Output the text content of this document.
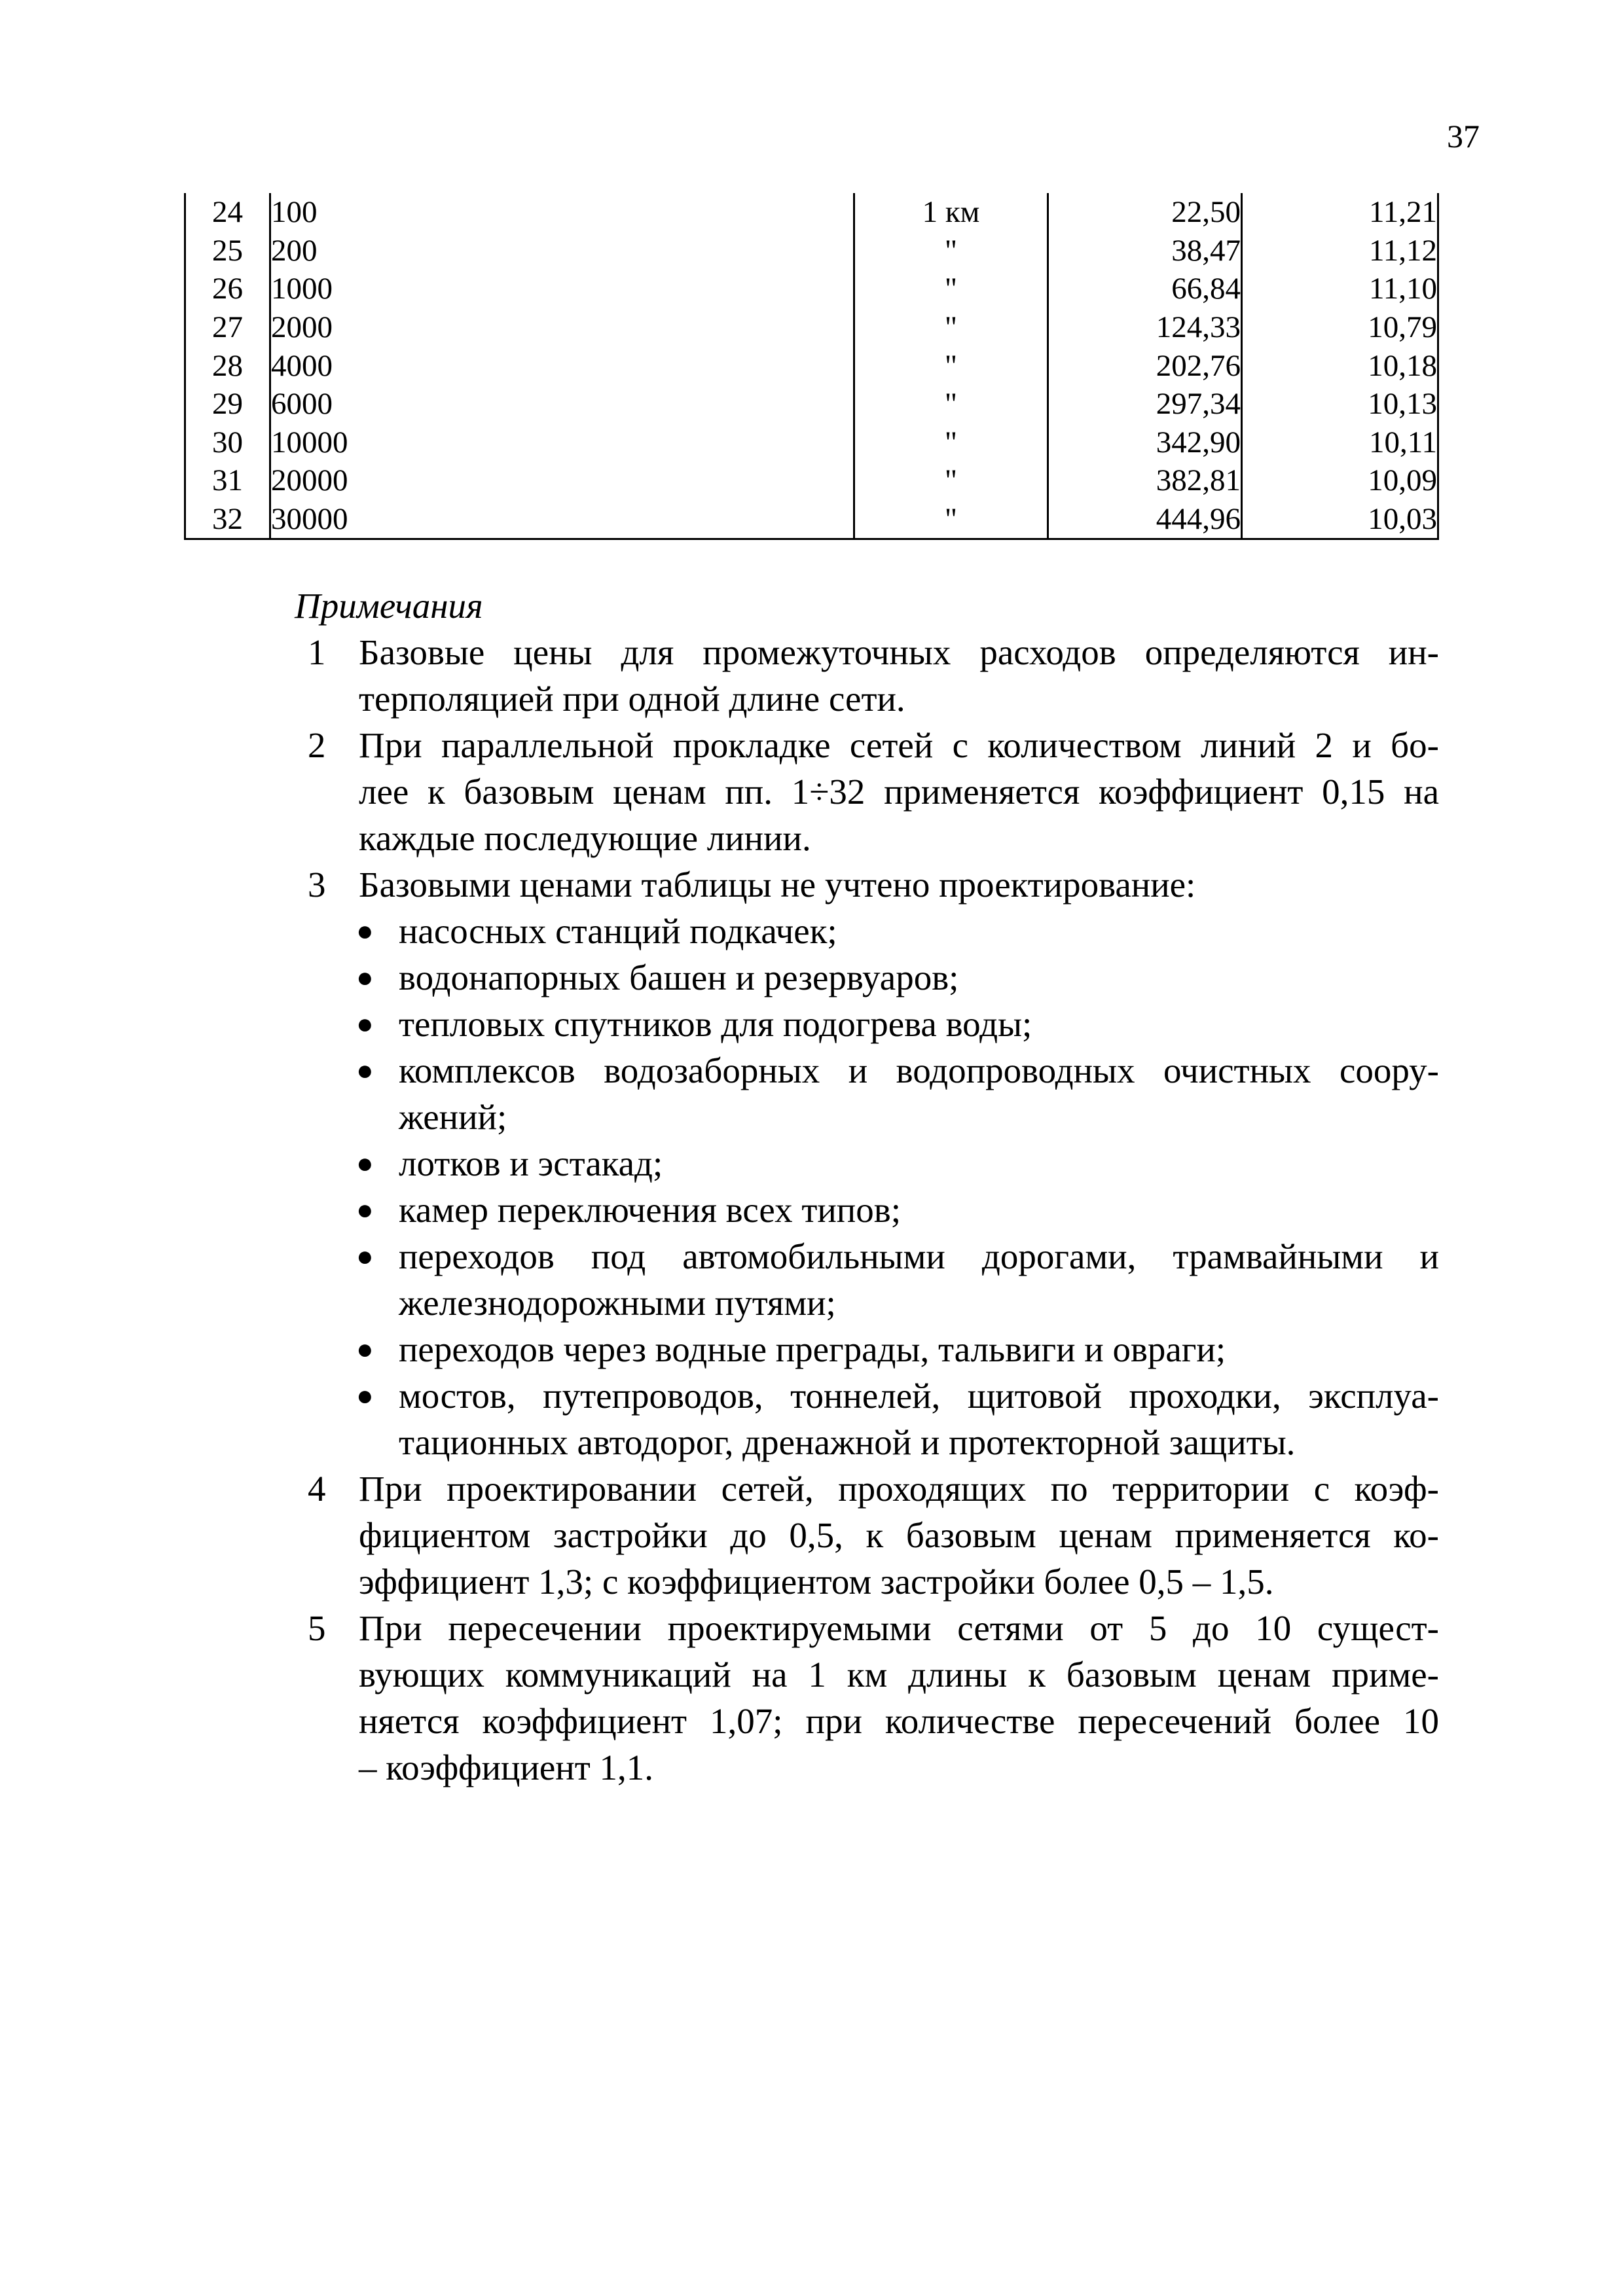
37
24	100	1 км	22,50	11,21
25	200	"	38,47	11,12
26	1000	"	66,84	11,10
27	2000	"	124,33	10,79
28	4000	"	202,76	10,18
29	6000	"	297,34	10,13
30	10000	"	342,90	10,11
31	20000	"	382,81	10,09
32	30000	"	444,96	10,03
Примечания
1 Базовые цены для промежуточных расходов определяются ин-
терполяцией при одной длине сети.
2 При параллельной прокладке сетей с количеством линий 2 и бо-
лее к базовым ценам пп. 1÷32 применяется коэффициент 0,15 на
каждые последующие линии.
3 Базовыми ценами таблицы не учтено проектирование:
● насосных станций подкачек;
● водонапорных башен и резервуаров;
● тепловых спутников для подогрева воды;
● комплексов водозаборных и водопроводных очистных соору-
жений;
● лотков и эстакад;
● камер переключения всех типов;
● переходов под автомобильными дорогами, трамвайными и
железнодорожными путями;
● переходов через водные преграды, тальвиги и овраги;
● мостов, путепроводов, тоннелей, щитовой проходки, эксплуа-
тационных автодорог, дренажной и протекторной защиты.
4 При проектировании сетей, проходящих по территории с коэф-
фициентом застройки до 0,5, к базовым ценам применяется ко-
эффициент 1,3; с коэффициентом застройки более 0,5 – 1,5.
5 При пересечении проектируемыми сетями от 5 до 10 сущест-
вующих коммуникаций на 1 км длины к базовым ценам приме-
няется коэффициент 1,07; при количестве пересечений более 10
– коэффициент 1,1.
